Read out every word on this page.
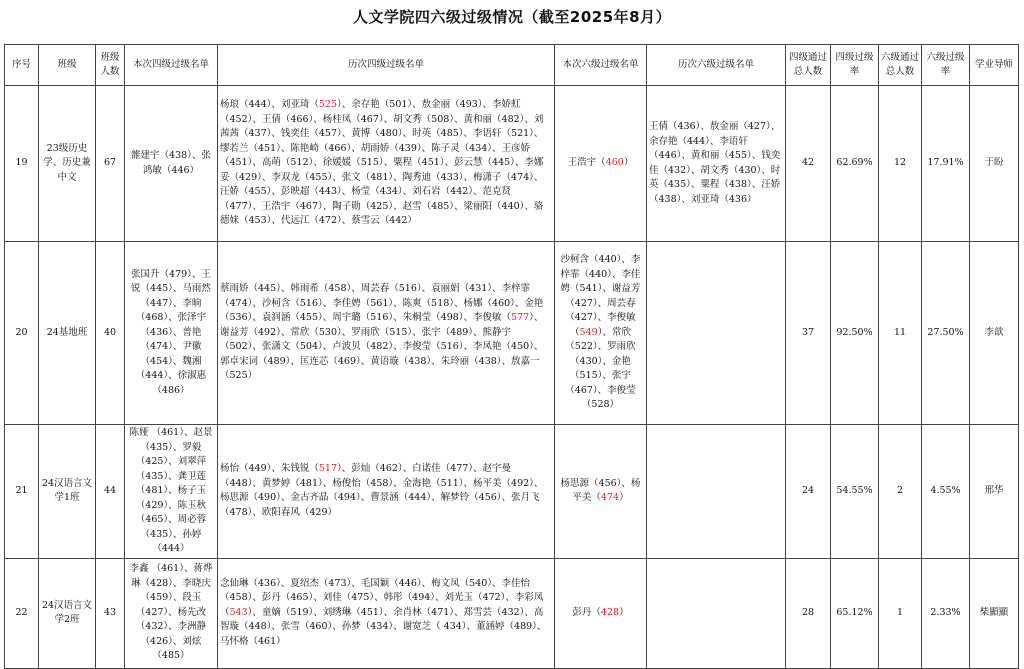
人文学院四六级过级情况（截至2025年8月）
序号	班级	班级人数	本次四级过级名单	历次四级过级名单	本次六级过级名单	历次六级过级名单	四级通过总人数	四级过级率	六级通过总人数	六级过级率	学业导师
19	23级历史学、历史兼中文	67	雒建宇（438）、张鸿敏（446）	杨琅（444）、刘亚琦（525）、余存艳（501）、敖金丽（493）、李娇虹（452）、王倩（466）、杨桂凤（467）、胡文秀（508）、黄和丽（482）、刘茜茜（437）、钱奕佳（457）、黄博（480）、时英（485）、李语轩（521）、缪若兰（451）、陈艳崎（466）、胡雨娇（439）、陈子灵（434）、王彦娇（451）、高萌（512）、徐媛媛（515）、粟程（451）、彭云慧（445）、李娜妥（429）、李双龙（455）、张文（481）、陶秀迪（433）、梅潇子（474）、汪娇（455）、彭映超（443）、杨莹（434）、刘石岩（442）、范克贤（477）、王浩宇（467）、陶子勋（425）、赵雪（485）、梁丽阳（440）、骆德妹（453）、代远江（472）、蔡雪云（442）	王浩宇（460）	王倩（436）、敖金丽（427）、余存艳（444）、李语轩（446）、黄和丽（455）、钱奕佳（432）、胡文秀（430）、时英（435）、粟程（438）、汪娇（438）、刘亚琦（436）	42	62.69%	12	17.91%	于盼
20	24基地班	40	张国升（479）、王锐（445）、马雨然（447）、李晌（468）、张泽宇（436）、普艳（474）、尹徽（454）、魏湘（444）、徐淑惠（486）	蔡雨娇（445）、韩雨希（458）、周芸春（516）、袁丽娟（431）、李梓霏（474）、沙柯含（516）、李佳娉（561）、陈爽（518）、杨娜（460）、金艳（536）、袁润涵（455）、周宇璐（516）、朱桐莹（498）、李俊敏（577）、谢益芳（492）、常欣（530）、罗雨欣（515）、张宇（489）、熊静宇（502）、张潇文（504）、卢波贝（482）、李俊莹（516）、李凤艳（450）、郭卓宋词（489）、匡连芯（469）、黄语璇（438）、朱玲丽（438）、敖嘉一（525）	沙柯含（440）、李梓霏（440）、李佳娉（541）、谢益芳（427）、周芸春（427）、李俊敏（549）、常欣（522）、罗雨欣（430）、金艳（515）、张宇（467）、李俊莹（528）		37	92.50%	11	27.50%	李歆
21	24汉语言文学1班	44	陈娅 （461）、赵景（435）、罗毅（425）、刘翠萍（435）、龚卫莲（481）、杨子玉（429）、陈玉秋（465）、周必蓉（435）、孙婷（444）	杨怡（449）、朱钱锐（517）、彭灿（462）、白诺佳（477）、赵宇曼（448）、黄梦婷（481）、杨俊怡（458）、金海艳（511）、杨平美（492）、杨思源（490）、金古齐晶（494）、曹景涵（444）、解梦铃（456）、张月飞（478）、欧阳春风（429）	杨思源（456）、杨平美（474）		24	54.55%	2	4.55%	邢华
22	24汉语言文学2班	43	李鑫 （461）、蒋烨琳（428）、李晓庆（459）、段玉（427）、杨先改（432）、李洲静（426）、刘炫（485）	念仙琳（436）、夏绍杰（473）、毛国颖（446）、梅文凤（540）、李佳怡（458）、彭丹（465）、刘佳（475）、韩彤（494）、刘光玉（472）、李彩凤（543）、童嫡（519）、刘绣琳（451）、余肖林（471）、郑雪芸（432）、高智璇（448）、张雪（460）、孙梦（434）、谢宽芝（ 434）、董涵婷（489）、马怀格（461）	彭丹（428）		28	65.12%	1	2.33%	柴顯顯
